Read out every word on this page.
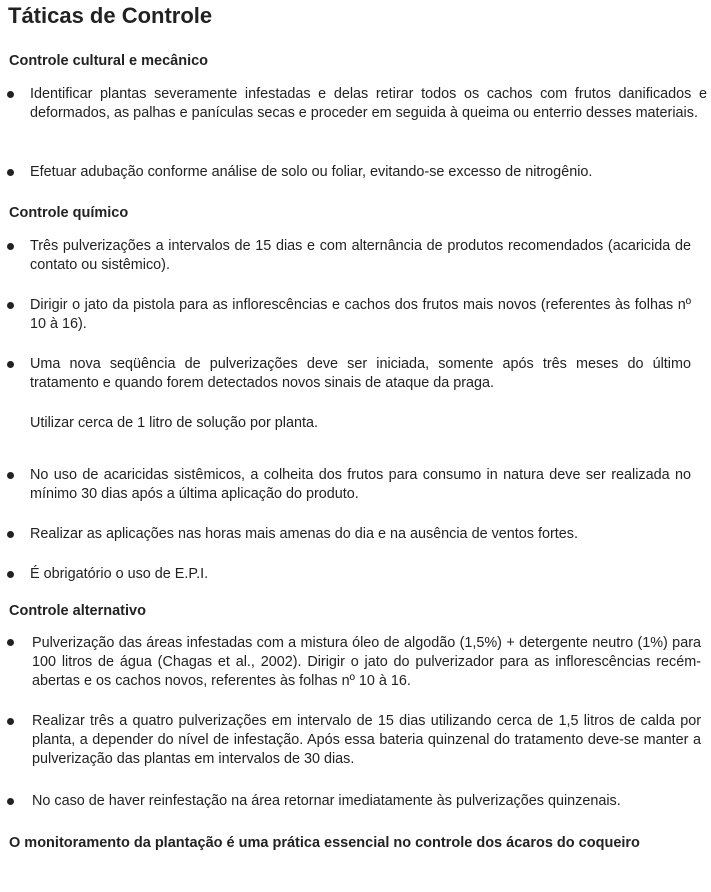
Táticas de Controle
Controle cultural e mecânico

Identificar plantas severamente infestadas e delas retirar todos os cachos com frutos danificados e deformados, as palhas e panículas secas e proceder em seguida à queima ou enterrio desses materiais.

Efetuar adubação conforme análise de solo ou foliar, evitando-se excesso de nitrogênio.

Controle químico

Três pulverizações a intervalos de 15 dias e com alternância de produtos recomendados (acaricida de contato ou sistêmico).

Dirigir o jato da pistola para as inflorescências e cachos dos frutos mais novos (referentes às folhas nº 10 à 16).

Uma nova seqüência de pulverizações deve ser iniciada, somente após três meses do último tratamento e quando forem detectados novos sinais de ataque da praga.

Utilizar cerca de 1 litro de solução por planta.

No uso de acaricidas sistêmicos, a colheita dos frutos para consumo in natura deve ser realizada no mínimo 30 dias após a última aplicação do produto.

Realizar as aplicações nas horas mais amenas do dia e na ausência de ventos fortes.

É obrigatório o uso de E.P.I.

Controle alternativo

Pulverização das áreas infestadas com a mistura óleo de algodão (1,5%) + detergente neutro (1%) para 100 litros de água (Chagas et al., 2002). Dirigir o jato do pulverizador para as inflorescências recém-abertas e os cachos novos, referentes às folhas nº 10 à 16.

Realizar três a quatro pulverizações em intervalo de 15 dias utilizando cerca de 1,5 litros de calda por planta, a depender do nível de infestação. Após essa bateria quinzenal do tratamento deve-se manter a pulverização das plantas em intervalos de 30 dias.

No caso de haver reinfestação na área retornar imediatamente às pulverizações quinzenais.

O monitoramento da plantação é uma prática essencial no controle dos ácaros do coqueiro
